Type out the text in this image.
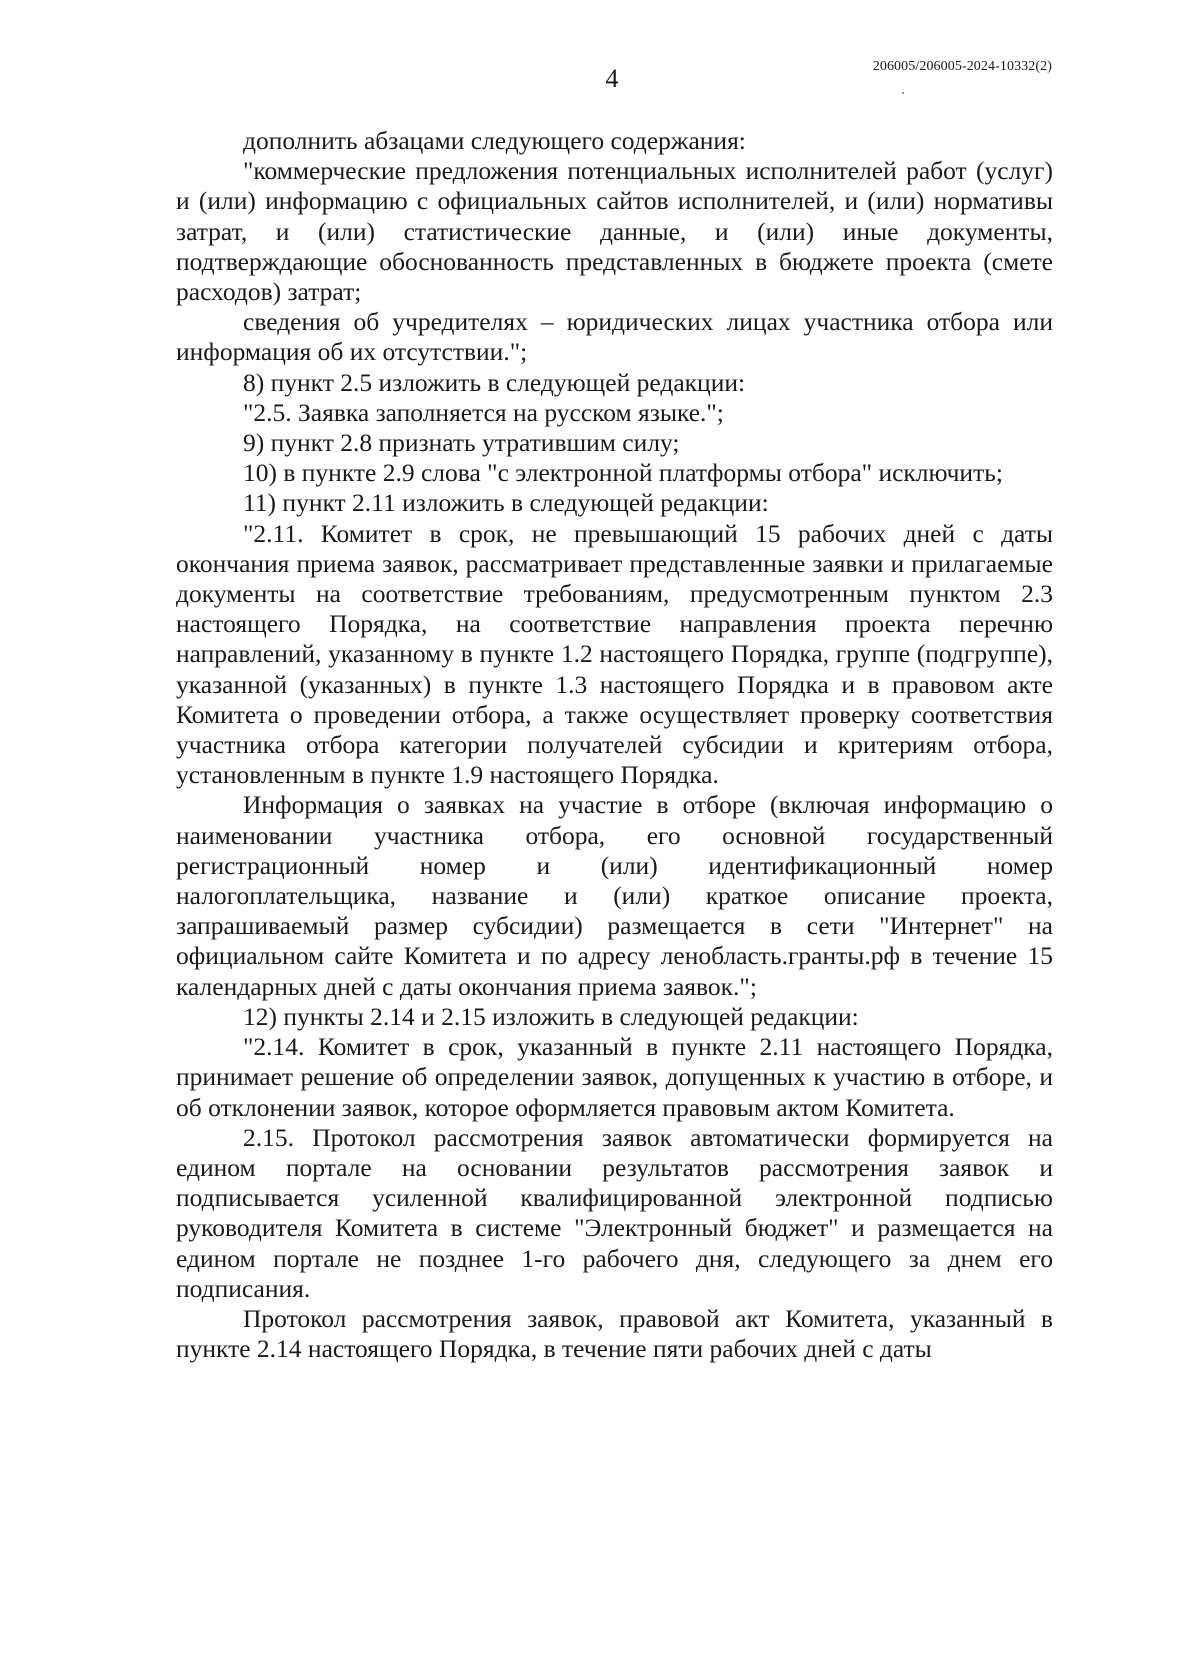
4	206005/206005-2024-10332(2)

дополнить абзацами следующего содержания:

"коммерческие предложения потенциальных исполнителей работ (услуг) и (или) информацию с официальных сайтов исполнителей, и (или) нормативы затрат, и (или) статистические данные, и (или) иные документы, подтверждающие обоснованность представленных в бюджете проекта (смете расходов) затрат;

сведения об учредителях – юридических лицах участника отбора или информация об их отсутствии.";

8) пункт 2.5 изложить в следующей редакции:

"2.5. Заявка заполняется на русском языке.";

9) пункт 2.8 признать утратившим силу;

10) в пункте 2.9 слова "с электронной платформы отбора" исключить;

11) пункт 2.11 изложить в следующей редакции:

"2.11. Комитет в срок, не превышающий 15 рабочих дней с даты окончания приема заявок, рассматривает представленные заявки и прилагаемые документы на соответствие требованиям, предусмотренным пунктом 2.3 настоящего Порядка, на соответствие направления проекта перечню направлений, указанному в пункте 1.2 настоящего Порядка, группе (подгруппе), указанной (указанных) в пункте 1.3 настоящего Порядка и в правовом акте Комитета о проведении отбора, а также осуществляет проверку соответствия участника отбора категории получателей субсидии и критериям отбора, установленным в пункте 1.9 настоящего Порядка.

Информация о заявках на участие в отборе (включая информацию о наименовании участника отбора, его основной государственный регистрационный номер и (или) идентификационный номер налогоплательщика, название и (или) краткое описание проекта, запрашиваемый размер субсидии) размещается в сети "Интернет" на официальном сайте Комитета и по адресу ленобласть.гранты.рф в течение 15 календарных дней с даты окончания приема заявок.";

12) пункты 2.14 и 2.15 изложить в следующей редакции:

"2.14. Комитет в срок, указанный в пункте 2.11 настоящего Порядка, принимает решение об определении заявок, допущенных к участию в отборе, и об отклонении заявок, которое оформляется правовым актом Комитета.

2.15. Протокол рассмотрения заявок автоматически формируется на едином портале на основании результатов рассмотрения заявок и подписывается усиленной квалифицированной электронной подписью руководителя Комитета в системе "Электронный бюджет" и размещается на едином портале не позднее 1-го рабочего дня, следующего за днем его подписания.

Протокол рассмотрения заявок, правовой акт Комитета, указанный в пункте 2.14 настоящего Порядка, в течение пяти рабочих дней с даты
